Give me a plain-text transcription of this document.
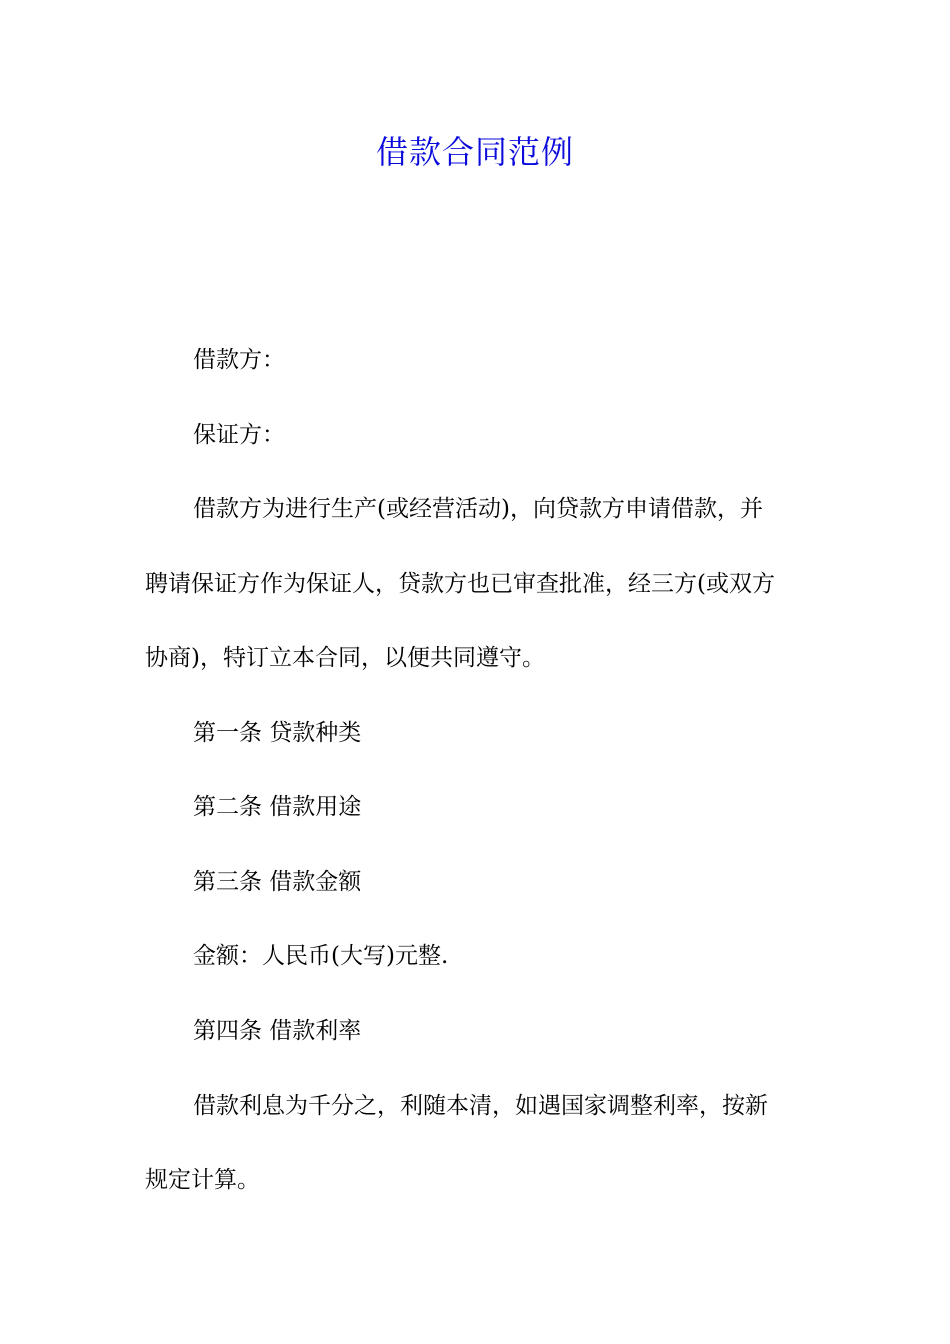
借款合同范例

借款方：

保证方：

借款方为进行生产(或经营活动)，向贷款方申请借款，并

聘请保证方作为保证人，贷款方也已审查批准，经三方(或双方

协商)，特订立本合同，以便共同遵守。

第一条 贷款种类

第二条 借款用途

第三条 借款金额

金额：人民币(大写)元整.

第四条 借款利率

借款利息为千分之，利随本清，如遇国家调整利率，按新

规定计算。
